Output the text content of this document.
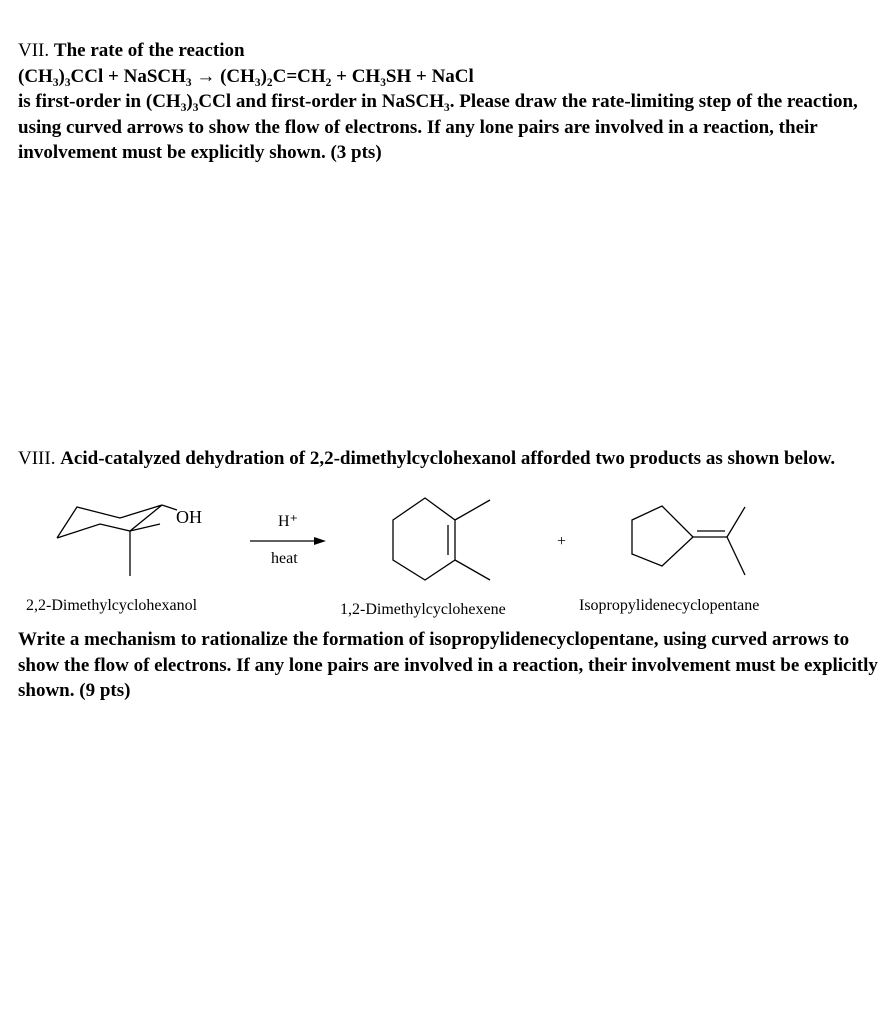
VII. The rate of the reaction
(CH₃)₃CCl + NaSCH₃ → (CH₃)₂C=CH₂ + CH₃SH + NaCl
is first-order in (CH₃)₃CCl and first-order in NaSCH₃. Please draw the rate-limiting step of the reaction, using curved arrows to show the flow of electrons. If any lone pairs are involved in a reaction, their involvement must be explicitly shown. (3 pts)
VIII. Acid-catalyzed dehydration of 2,2-dimethylcyclohexanol afforded two products as shown below.
OH	H⁺
heat
+
2,2-Dimethylcyclohexanol	1,2-Dimethylcyclohexene	Isopropylidenecyclopentane
Write a mechanism to rationalize the formation of isopropylidenecyclopentane, using curved arrows to show the flow of electrons. If any lone pairs are involved in a reaction, their involvement must be explicitly shown. (9 pts)
